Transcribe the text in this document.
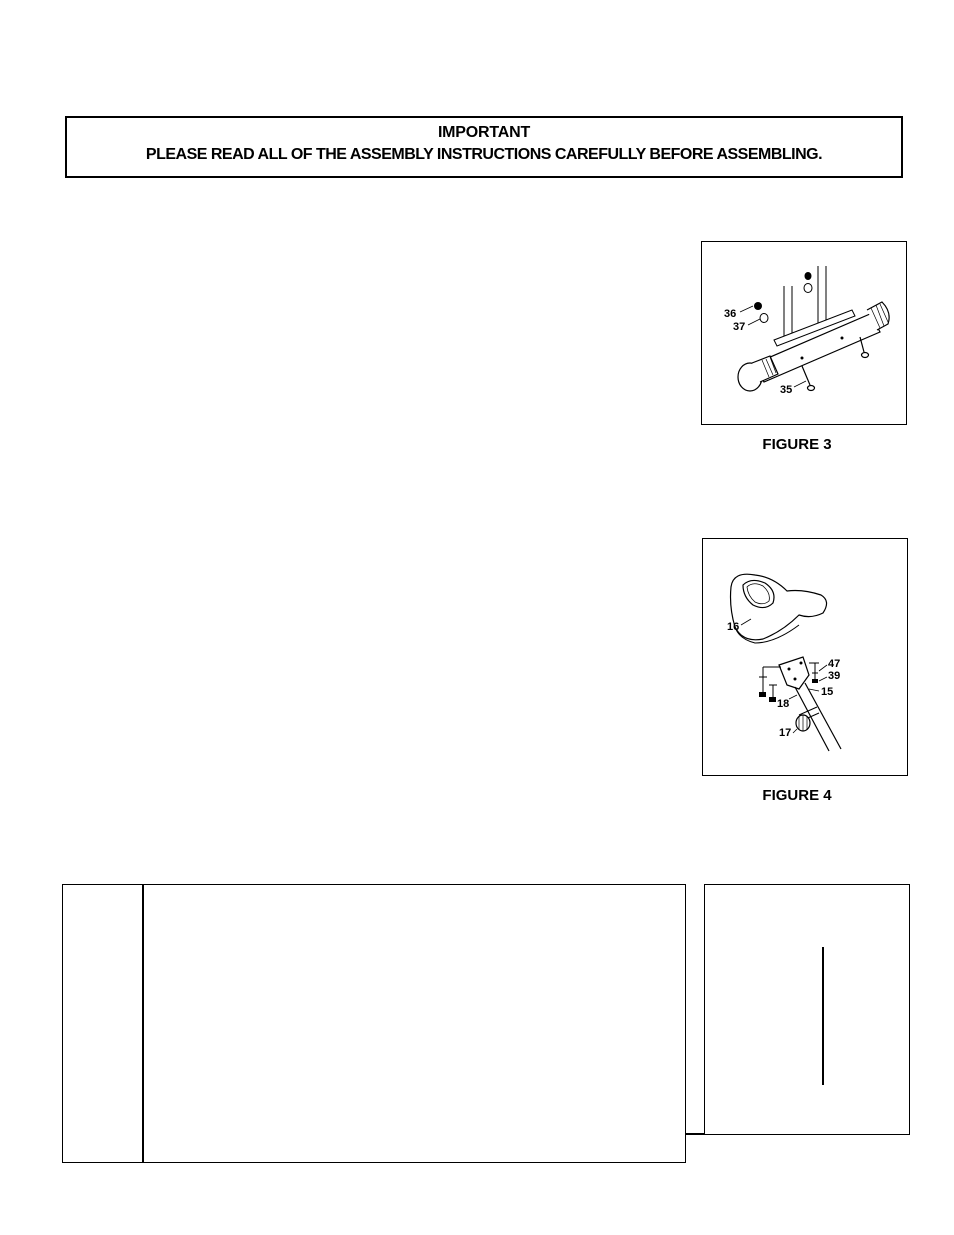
IMPORTANT
PLEASE READ ALL OF THE ASSEMBLY INSTRUCTIONS CAREFULLY BEFORE ASSEMBLING.
36
37
35
FIGURE 3
16
47
39
15
18
17
FIGURE 4
